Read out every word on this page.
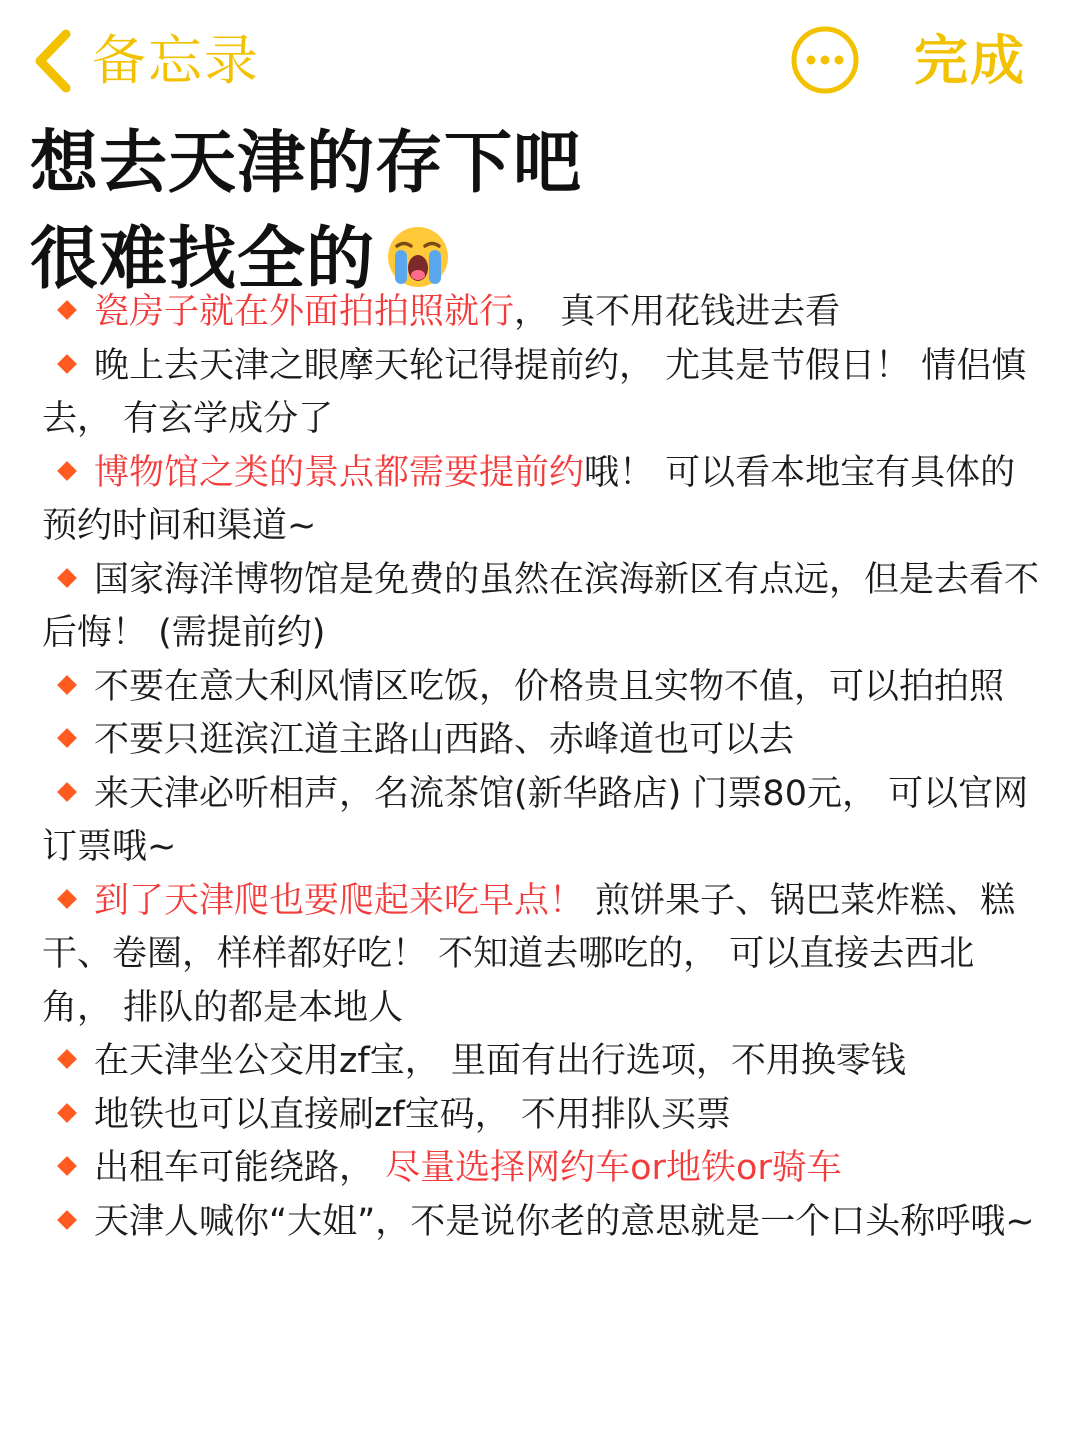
备忘录	完成
想去天津的存下吧
很难找全的
瓷房子就在外面拍拍照就行， 真不用花钱进去看
晚上去天津之眼摩天轮记得提前约， 尤其是节假日！ 情侣慎去， 有玄学成分了
博物馆之类的景点都需要提前约哦！ 可以看本地宝有具体的预约时间和渠道~
国家海洋博物馆是免费的虽然在滨海新区有点远，但是去看不后悔！ (需提前约)
不要在意大利风情区吃饭，价格贵且实物不值，可以拍拍照
不要只逛滨江道主路山西路、赤峰道也可以去
来天津必听相声，名流茶馆(新华路店) 门票80元， 可以官网订票哦~
到了天津爬也要爬起来吃早点！ 煎饼果子、锅巴菜炸糕、糕干、卷圈，样样都好吃！ 不知道去哪吃的， 可以直接去西北角， 排队的都是本地人
在天津坐公交用zf宝， 里面有出行选项，不用换零钱
地铁也可以直接刷zf宝码， 不用排队买票
出租车可能绕路， 尽量选择网约车or地铁or骑车
天津人喊你“大姐”，不是说你老的意思就是一个口头称呼哦~
